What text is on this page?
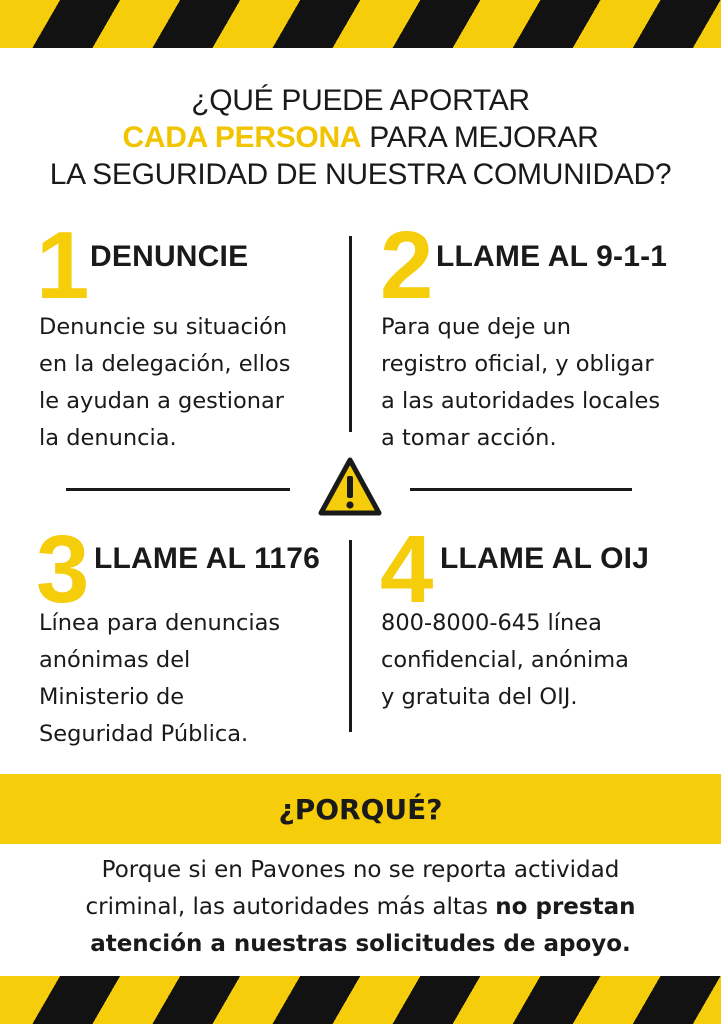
¿QUÉ PUEDE APORTAR
CADA PERSONA PARA MEJORAR
LA SEGURIDAD DE NUESTRA COMUNIDAD?
1 DENUNCIE
Denuncie su situación
en la delegación, ellos
le ayudan a gestionar
la denuncia.
2 LLAME AL 9-1-1
Para que deje un
registro oficial, y obligar
a las autoridades locales
a tomar acción.
3 LLAME AL 1176
Línea para denuncias
anónimas del
Ministerio de
Seguridad Pública.
4 LLAME AL OIJ
800-8000-645 línea
confidencial, anónima
y gratuita del OIJ.
¿PORQUÉ?
Porque si en Pavones no se reporta actividad
criminal, las autoridades más altas no prestan
atención a nuestras solicitudes de apoyo.
